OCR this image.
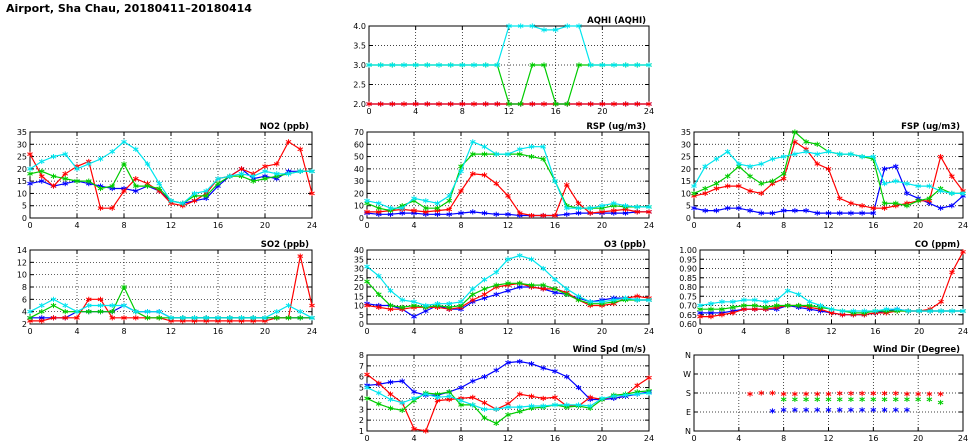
Airport, Sha Chau, 20180411–20180414
0	4	8	12	16	20	24
2.0
2.5
3.0
3.5
4.0
AQHI (AQHI)
0	4	8	12	16	20	24
0
5
10
15
20
25
30
35
NO2 (ppb)
0	4	8	12	16	20	24
0
10
20
30
40
50
60
70
RSP (ug/m3)
0	4	8	12	16	20	24
0
5
10
15
20
25
30
35
FSP (ug/m3)
0	4	8	12	16	20	24
2
4
6
8
10
12
14
SO2 (ppb)
0	4	8	12	16	20	24
0
5
10
15
20
25
30
35
40
O3 (ppb)
0	4	8	12	16	20	24
0.60
0.65
0.70
0.75
0.80
0.85
0.90
0.95
1.00
CO (ppm)
0	4	8	12	16	20	24
1
2
3
4
5
6
7
8
Wind Spd (m/s)
0	4	8	12	16	20	24
N
E
S
W
N
Wind Dir (Degree)
